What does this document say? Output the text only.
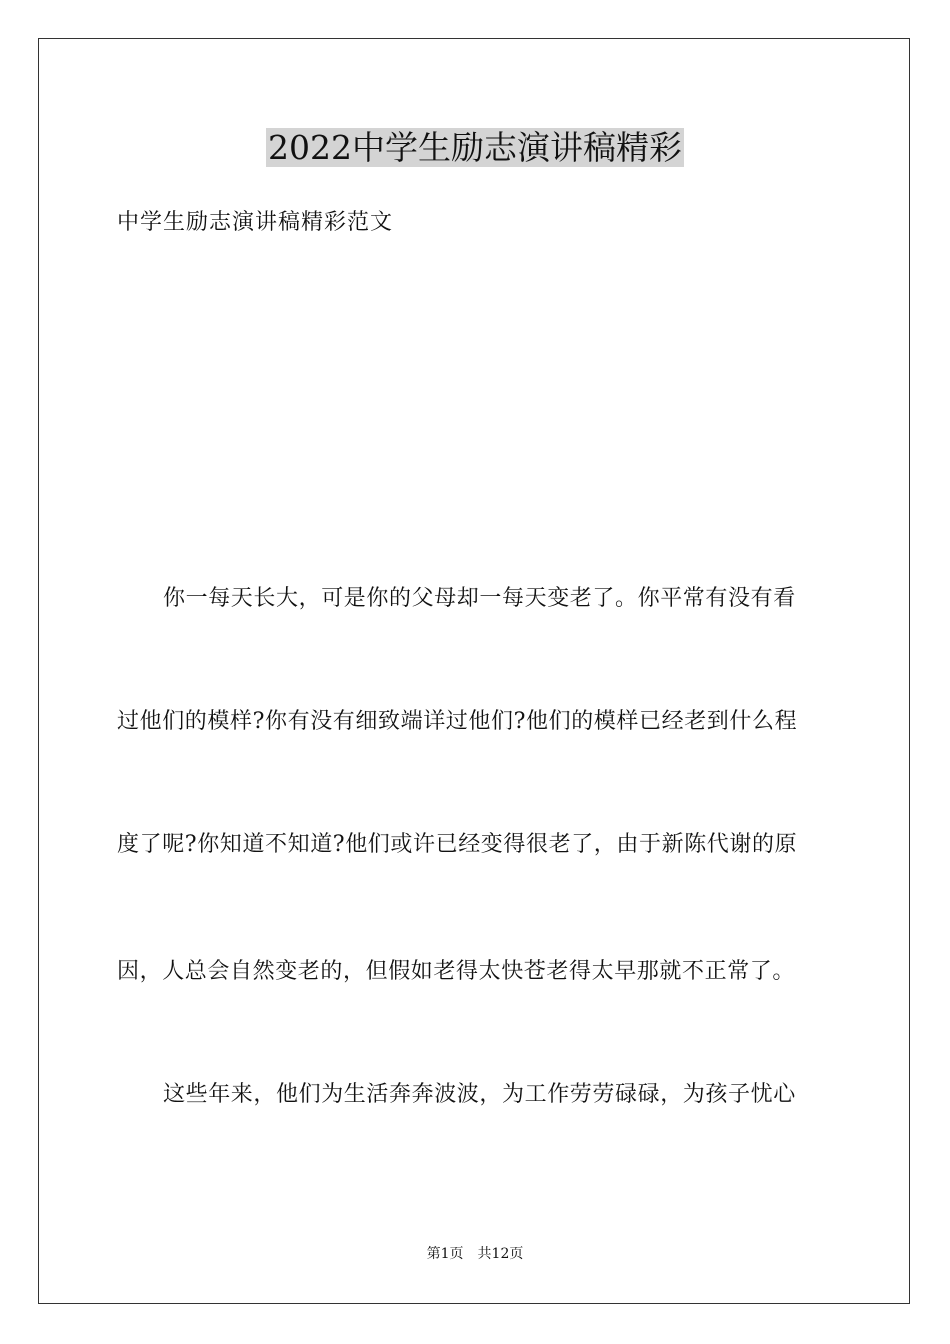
2022中学生励志演讲稿精彩
中学生励志演讲稿精彩范文
你一每天长大，可是你的父母却一每天变老了。你平常有没有看
过他们的模样?你有没有细致端详过他们?他们的模样已经老到什么程
度了呢?你知道不知道?他们或许已经变得很老了，由于新陈代谢的原
因，人总会自然变老的，但假如老得太快苍老得太早那就不正常了。
这些年来，他们为生活奔奔波波，为工作劳劳碌碌，为孩子忧心
第1页　共12页
